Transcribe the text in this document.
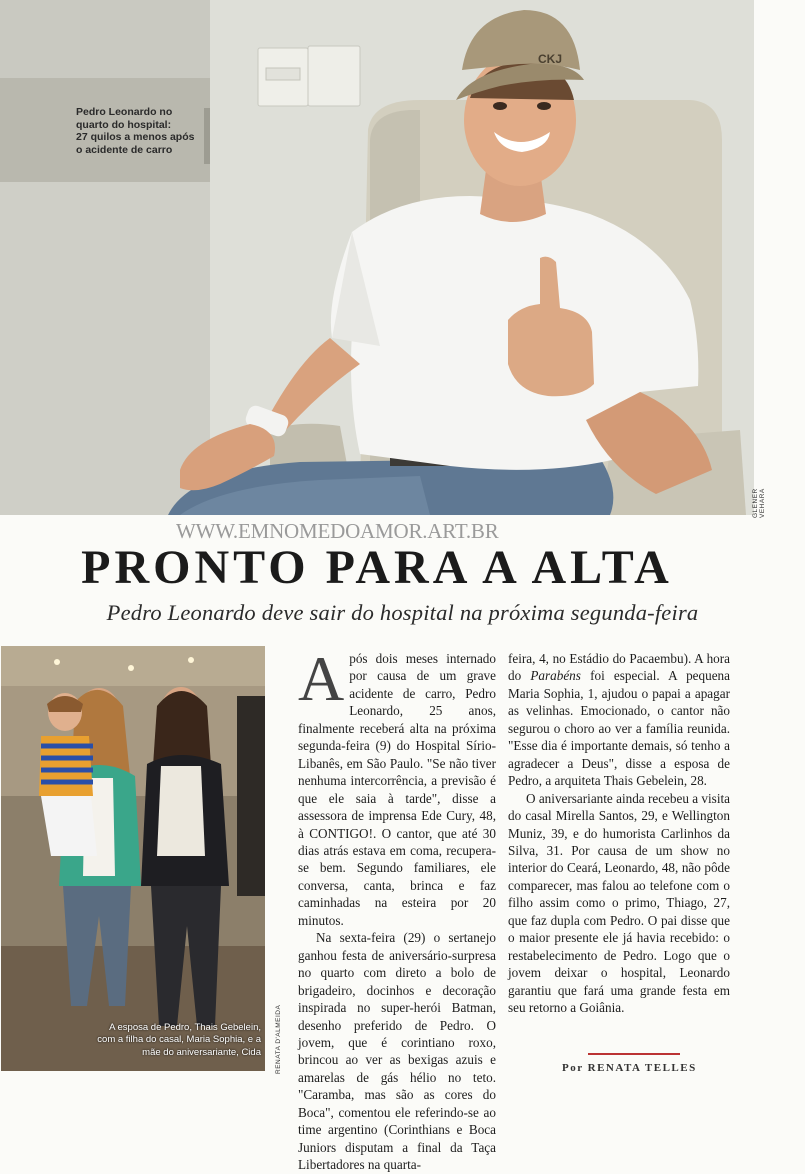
CKJ
Pedro Leonardo no
quarto do hospital:
27 quilos a menos após
o acidente de carro
GLENER VEHARA
WWW.EMNOMEDOAMOR.ART.BR
PRONTO PARA A ALTA
Pedro Leonardo deve sair do hospital na próxima segunda-feira
A esposa de Pedro, Thais Gebelein,
com a filha do casal, Maria Sophia, e a
mãe do aniversariante, Cida RENATA D'ALMEIDA

Após dois meses internado por causa de um grave acidente de carro, Pedro Leonardo, 25 anos, finalmente receberá alta na próxima segunda-feira (9) do Hospital Sírio-Libanês, em São Paulo. "Se não tiver nenhuma intercorrência, a previsão é que ele saia à tarde", disse a assessora de imprensa Ede Cury, 48, à CONTIGO!. O cantor, que até 30 dias atrás estava em coma, recupera-se bem. Segundo familiares, ele conversa, canta, brinca e faz caminhadas na esteira por 20 minutos.

Na sexta-feira (29) o sertanejo ganhou festa de aniversário-surpresa no quarto com direto a bolo de brigadeiro, docinhos e decoração inspirada no super-herói Batman, desenho preferido de Pedro. O jovem, que é corintiano roxo, brincou ao ver as bexigas azuis e amarelas de gás hélio no teto. "Caramba, mas são as cores do Boca", comentou ele referindo-se ao time argentino (Corinthians e Boca Juniors disputam a final da Taça Libertadores na quarta-

feira, 4, no Estádio do Pacaembu). A hora do Parabéns foi especial. A pequena Maria Sophia, 1, ajudou o papai a apagar as velinhas. Emocionado, o cantor não segurou o choro ao ver a família reunida. "Esse dia é importante demais, só tenho a agradecer a Deus", disse a esposa de Pedro, a arquiteta Thais Gebelein, 28.

O aniversariante ainda recebeu a visita do casal Mirella Santos, 29, e Wellington Muniz, 39, e do humorista Carlinhos da Silva, 31. Por causa de um show no interior do Ceará, Leonardo, 48, não pôde comparecer, mas falou ao telefone com o filho assim como o primo, Thiago, 27, que faz dupla com Pedro. O pai disse que o maior presente ele já havia recebido: o restabelecimento de Pedro. Logo que o jovem deixar o hospital, Leonardo garantiu que fará uma grande festa em seu retorno a Goiânia.

Por RENATA TELLES
